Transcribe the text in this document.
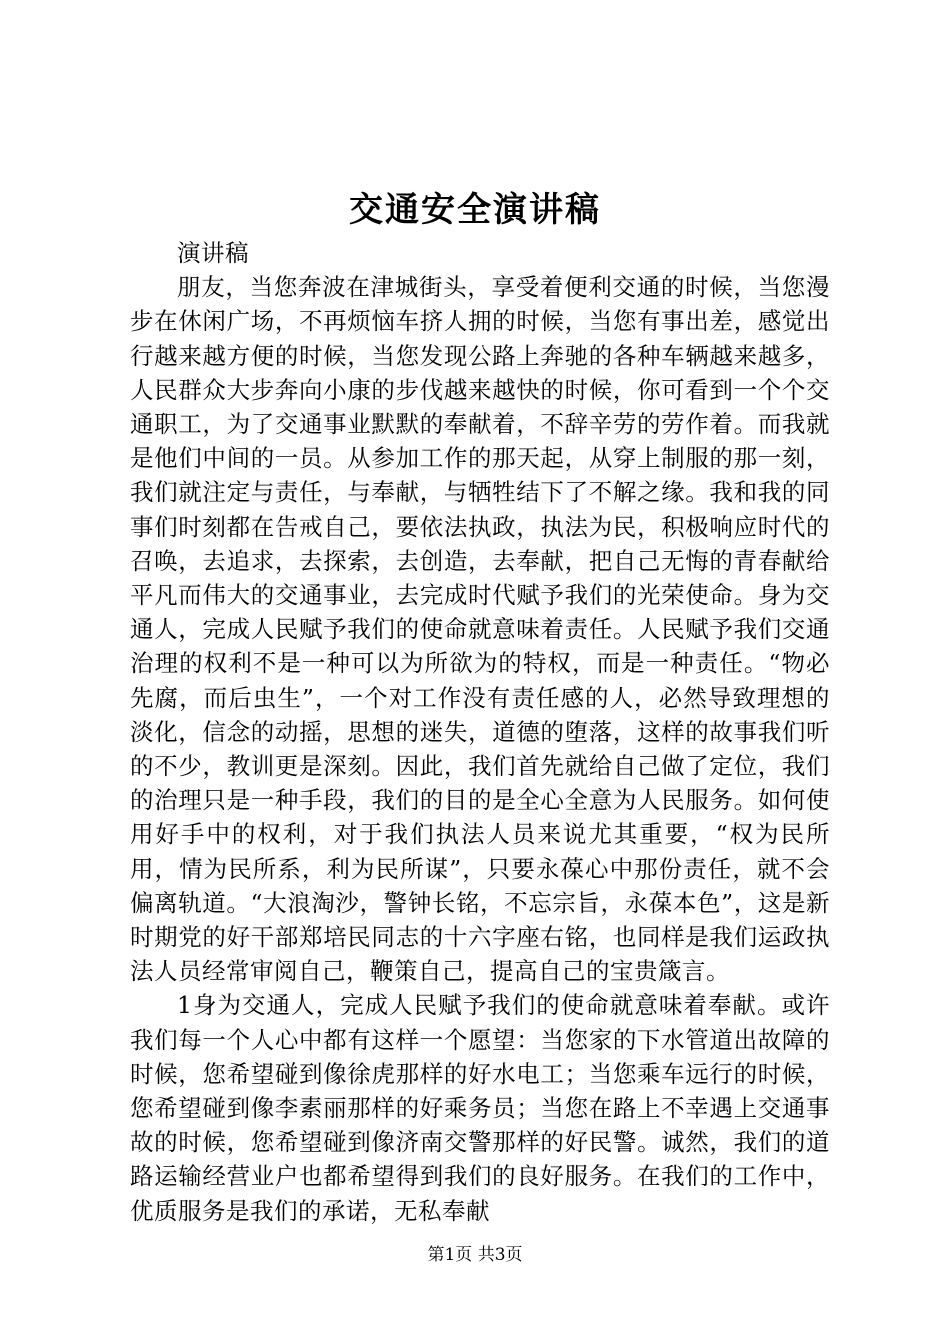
交通安全演讲稿

演讲稿

朋友，当您奔波在津城街头，享受着便利交通的时候，当您漫步在休闲广场，不再烦恼车挤人拥的时候，当您有事出差，感觉出行越来越方便的时候，当您发现公路上奔驰的各种车辆越来越多，人民群众大步奔向小康的步伐越来越快的时候，你可看到一个个交通职工，为了交通事业默默的奉献着，不辞辛劳的劳作着。而我就是他们中间的一员。从参加工作的那天起，从穿上制服的那一刻，我们就注定与责任，与奉献，与牺牲结下了不解之缘。我和我的同事们时刻都在告戒自己，要依法执政，执法为民，积极响应时代的召唤，去追求，去探索，去创造，去奉献，把自己无悔的青春献给平凡而伟大的交通事业，去完成时代赋予我们的光荣使命。身为交通人，完成人民赋予我们的使命就意味着责任。人民赋予我们交通治理的权利不是一种可以为所欲为的特权，而是一种责任。“物必先腐，而后虫生”，一个对工作没有责任感的人，必然导致理想的淡化，信念的动摇，思想的迷失，道德的堕落，这样的故事我们听的不少，教训更是深刻。因此，我们首先就给自己做了定位，我们的治理只是一种手段，我们的目的是全心全意为人民服务。如何使用好手中的权利，对于我们执法人员来说尤其重要，“权为民所用，情为民所系，利为民所谋”，只要永葆心中那份责任，就不会偏离轨道。“大浪淘沙，警钟长铭，不忘宗旨，永葆本色”，这是新时期党的好干部郑培民同志的十六字座右铭，也同样是我们运政执法人员经常审阅自己，鞭策自己，提高自己的宝贵箴言。

1身为交通人，完成人民赋予我们的使命就意味着奉献。或许我们每一个人心中都有这样一个愿望：当您家的下水管道出故障的时候，您希望碰到像徐虎那样的好水电工；当您乘车远行的时候，您希望碰到像李素丽那样的好乘务员；当您在路上不幸遇上交通事故的时候，您希望碰到像济南交警那样的好民警。诚然，我们的道路运输经营业户也都希望得到我们的良好服务。在我们的工作中，优质服务是我们的承诺，无私奉献

第1页 共3页
